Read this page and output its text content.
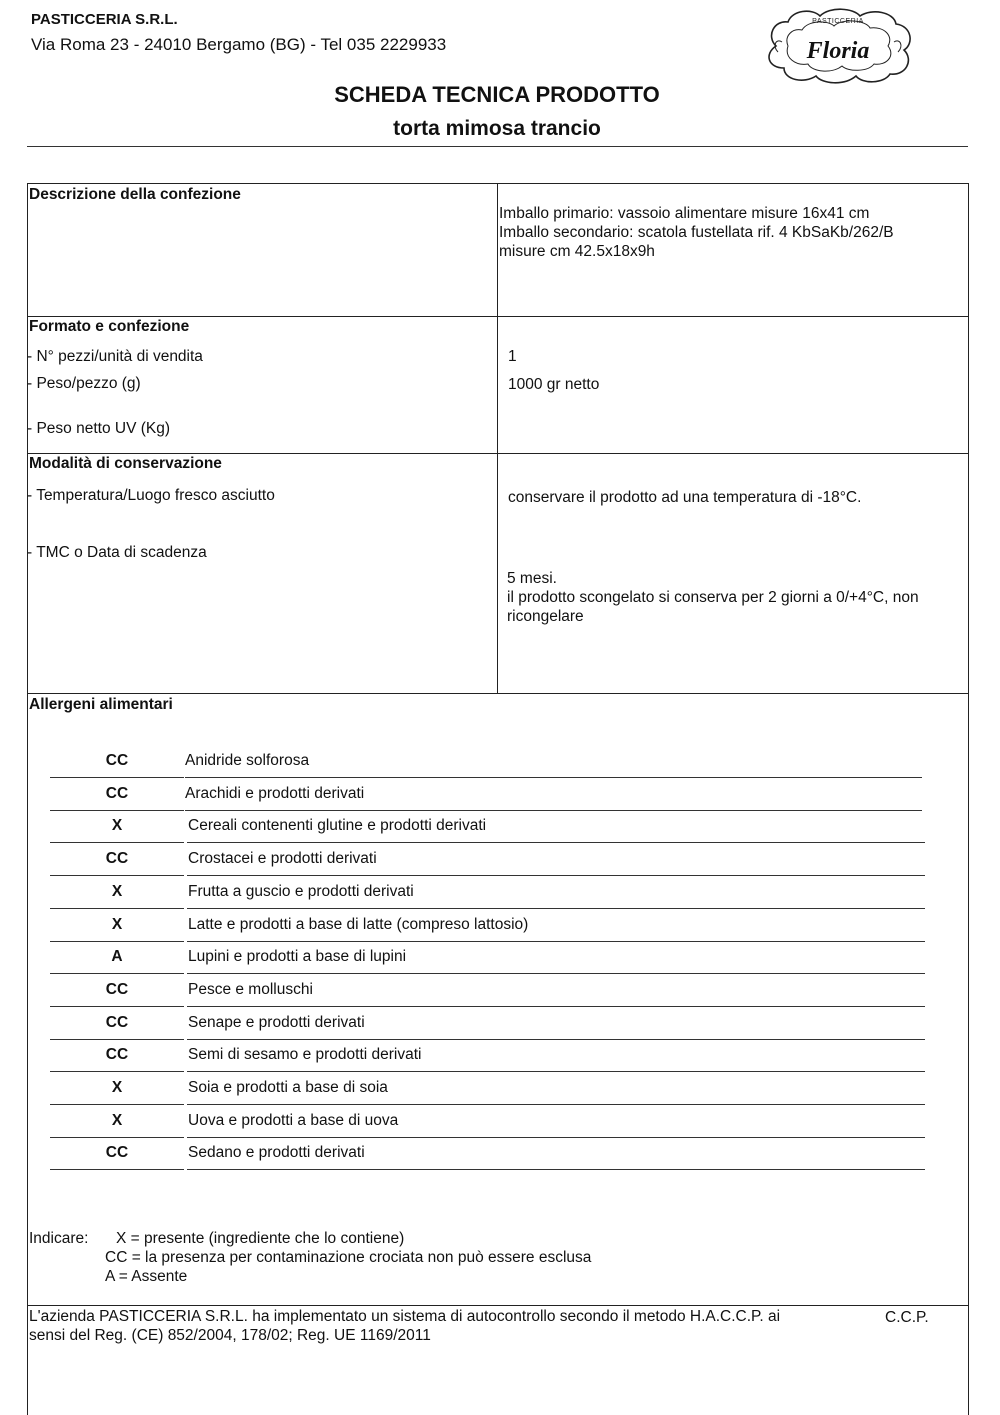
PASTICCERIA S.R.L.
Via Roma 23 - 24010 Bergamo (BG) - Tel 035 2229933
PASTICCERIA
Floria
SCHEDA TECNICA PRODOTTO
torta mimosa trancio
Descrizione della confezione
Imballo primario: vassoio alimentare misure 16x41 cm
Imballo secondario: scatola fustellata rif. 4 KbSaKb/262/B
misure cm 42.5x18x9h
Formato e confezione
- N° pezzi/unità di vendita	1
- Peso/pezzo (g)	1000 gr netto
- Peso netto UV (Kg)
Modalità di conservazione
- Temperatura/Luogo fresco asciutto	conservare il prodotto ad una temperatura di -18°C.
- TMC o Data di scadenza
5 mesi.
il prodotto scongelato si conserva per 2 giorni a 0/+4°C, non
ricongelare
Allergeni alimentari
CC	Anidride solforosa
CC	Arachidi e prodotti derivati
X	Cereali contenenti glutine e prodotti derivati
CC	Crostacei e prodotti derivati
X	Frutta a guscio e prodotti derivati
X	Latte e prodotti a base di latte (compreso lattosio)
A	Lupini e prodotti a base di lupini
CC	Pesce e molluschi
CC	Senape e prodotti derivati
CC	Semi di sesamo e prodotti derivati
X	Soia e prodotti a base di soia
X	Uova e prodotti a base di uova
CC	Sedano e prodotti derivati
Indicare: X = presente (ingrediente che lo contiene)
CC = la presenza per contaminazione crociata non può essere esclusa
A = Assente
L'azienda PASTICCERIA S.R.L. ha implementato un sistema di autocontrollo secondo il metodo H.A.C.C.P. ai
sensi del Reg. (CE) 852/2004, 178/02; Reg. UE 1169/2011
C.C.P.
